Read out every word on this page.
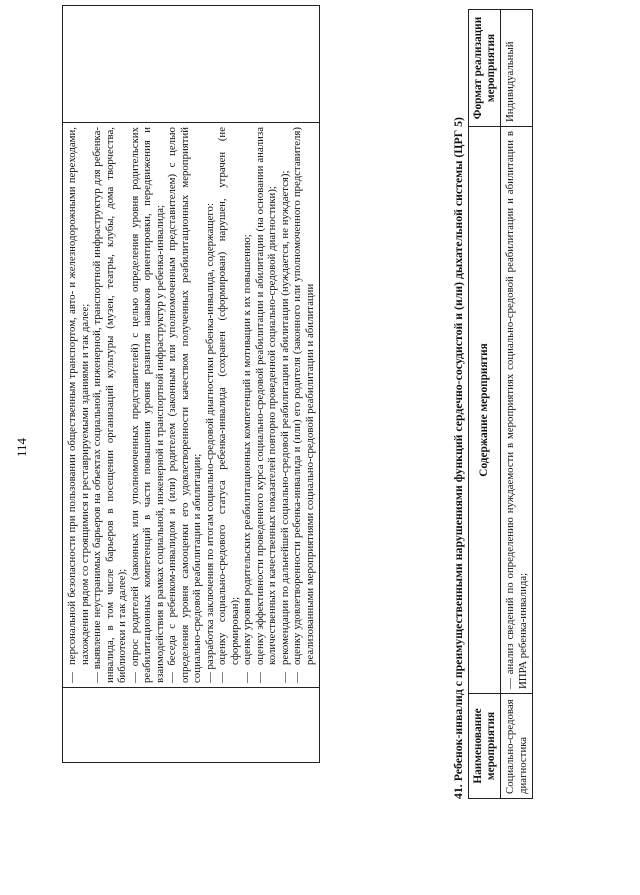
114

—
персональной безопасности при пользовании общественным транспортом, авто- и железнодорожными переходами, нахождении рядом со строящимися и реставрируемыми зданиями и так далее; — выявление неустранимых барьеров на объектах социальной, инженерной, транспортной инфраструктур для ребенка-инвалида, в том числе барьеров в посещении организаций культуры (музеи, театры, клубы, дома творчества, библиотеки и так далее); — опрос родителей (законных или уполномоченных представителей) с целью определения уровня родительских реабилитационных компетенций в части повышения уровня развития навыков ориентировки, передвижения и взаимодействия в рамках социальной, инженерной и транспортной инфраструктур у ребенка-инвалида; — беседа с ребенком-инвалидом и (или) родителем (законным или уполномоченным представителем) с целью определения уровня самооценки его удовлетворенности качеством полученных реабилитационных мероприятий социально-средовой реабилитации и абилитации; — разработка заключения по итогам социально-средовой диагностики ребенка-инвалида, содержащего: —
оценку социально-средового статуса ребенка-инвалида (сохранен (сформирован) нарушен, утрачен (не сформирован);
—
оценку уровня родительских реабилитационных компетенций и мотивации к их повышению;
—
оценку эффективности проведенного курса социально-средовой реабилитации и абилитации (на основании анализа количественных и качественных показателей повторно проведенной социально-средовой диагностики);
—
рекомендации по дальнейшей социально-средовой реабилитации и абилитации (нуждается, не нуждается);
—
оценку удовлетворенности ребенка-инвалида и (или) его родителя (законного или уполномоченного представителя) реализованными мероприятиями социально-средовой реабилитации и абилитации
		41. Ребенок-инвалид с преимущественными нарушениями функций сердечно-сосудистой и (или) дыхательной системы (ЦРГ 5) Наименование мероприятия	Содержание мероприятия	Формат реализации мероприятия
Социально-средовая диагностика	— анализ сведений по определению нуждаемости в мероприятиях социально-средовой реабилитации и абилитации в ИПРА ребенка-инвалида;	Индивидуальный
